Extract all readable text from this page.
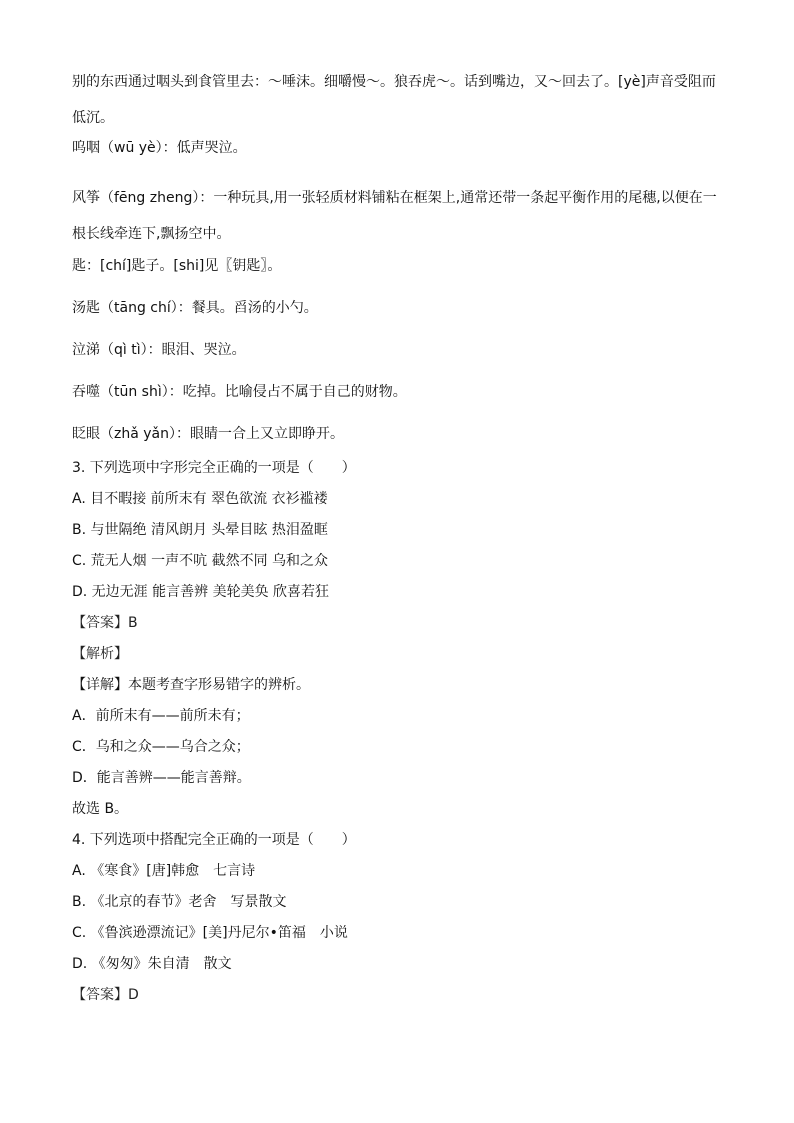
别的东西通过咽头到食管里去：～唾沫。细嚼慢～。狼吞虎～。话到嘴边，又～回去了。[yè]声音受阻而低沉。

呜咽（wū yè）：低声哭泣。

风筝（fēng zheng）：一种玩具,用一张轻质材料铺粘在框架上,通常还带一条起平衡作用的尾穗,以便在一根长线牵连下,飘扬空中。

匙：[chí]匙子。[shi]见〖钥匙〗。

汤匙（tāng chí）：餐具。舀汤的小勺。

泣涕（qì tì）：眼泪、哭泣。

吞噬（tūn shì）：吃掉。比喻侵占不属于自己的财物。

眨眼（zhǎ yǎn）：眼睛一合上又立即睁开。

3. 下列选项中字形完全正确的一项是（　　）

A. 目不暇接 前所末有 翠色欲流 衣衫褴褛

B. 与世隔绝 清风朗月 头晕目眩 热泪盈眶

C. 荒无人烟 一声不吭 截然不同 乌和之众

D. 无边无涯 能言善辨 美轮美奂 欣喜若狂

【答案】B

【解析】

【详解】本题考查字形易错字的辨析。

A．前所末有——前所未有；

C．乌和之众——乌合之众；

D．能言善辨——能言善辩。

故选 B。

4. 下列选项中搭配完全正确的一项是（　　）

A. 《寒食》[唐]韩愈　七言诗

B. 《北京的春节》老舍　写景散文

C. 《鲁滨逊漂流记》[美]丹尼尔•笛福　小说

D. 《匆匆》朱自清　散文

【答案】D
